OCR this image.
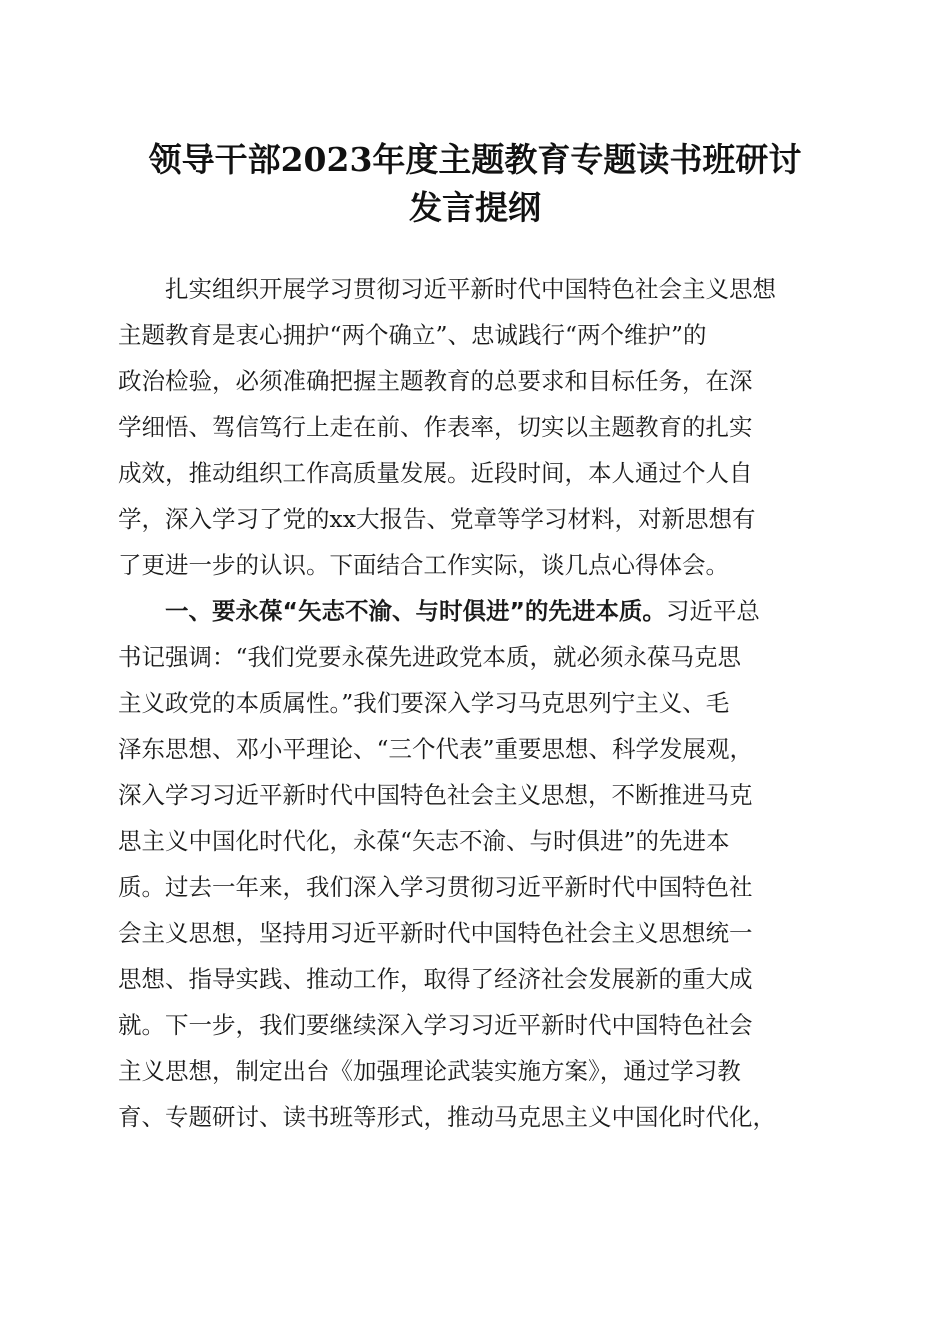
领导干部2023年度主题教育专题读书班研讨
发言提纲
　　扎实组织开展学习贯彻习近平新时代中国特色社会主义思想
主题教育是衷心拥护“两个确立”、忠诚践行“两个维护”的
政治检验，必须准确把握主题教育的总要求和目标任务，在深
学细悟、驾信笃行上走在前、作表率，切实以主题教育的扎实
成效，推动组织工作高质量发展。近段时间，本人通过个人自
学，深入学习了党的xx大报告、党章等学习材料，对新思想有
了更进一步的认识。下面结合工作实际，谈几点心得体会。
　　一、要永葆“矢志不渝、与时俱进”的先进本质。习近平总
书记强调：“我们党要永葆先进政党本质，就必须永葆马克思
主义政党的本质属性。”我们要深入学习马克思列宁主义、毛
泽东思想、邓小平理论、“三个代表”重要思想、科学发展观，
深入学习习近平新时代中国特色社会主义思想，不断推进马克
思主义中国化时代化，永葆“矢志不渝、与时俱进”的先进本
质。过去一年来，我们深入学习贯彻习近平新时代中国特色社
会主义思想，坚持用习近平新时代中国特色社会主义思想统一
思想、指导实践、推动工作，取得了经济社会发展新的重大成
就。下一步，我们要继续深入学习习近平新时代中国特色社会
主义思想，制定出台《加强理论武装实施方案》，通过学习教
育、专题研讨、读书班等形式，推动马克思主义中国化时代化，
